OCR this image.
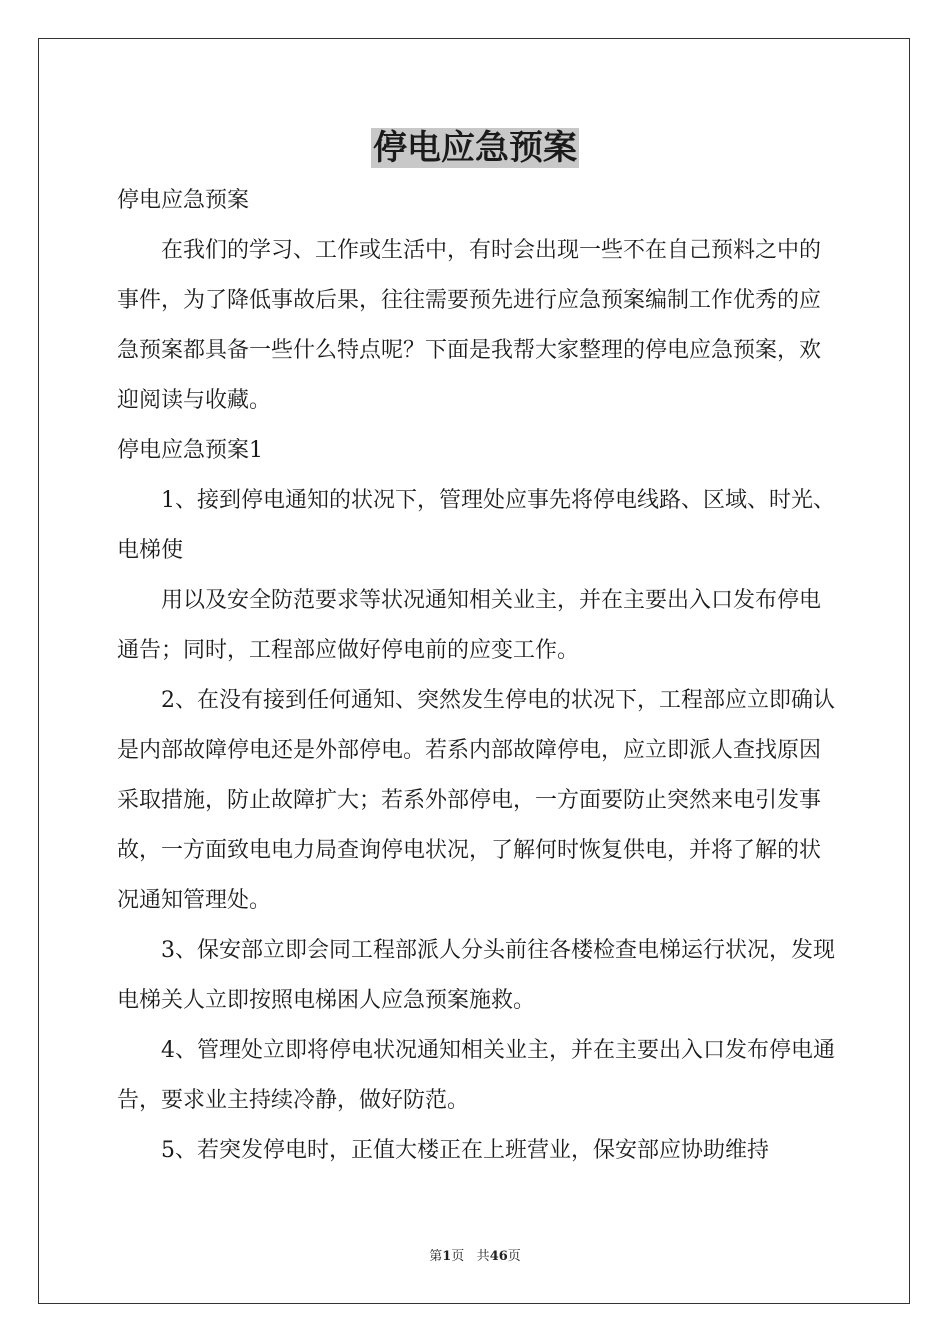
停电应急预案

停电应急预案

在我们的学习、工作或生活中，有时会出现一些不在自己预料之中的事件，为了降低事故后果，往往需要预先进行应急预案编制工作优秀的应急预案都具备一些什么特点呢？下面是我帮大家整理的停电应急预案，欢迎阅读与收藏。

停电应急预案1

1、接到停电通知的状况下，管理处应事先将停电线路、区域、时光、电梯使

用以及安全防范要求等状况通知相关业主，并在主要出入口发布停电通告；同时，工程部应做好停电前的应变工作。

2、在没有接到任何通知、突然发生停电的状况下，工程部应立即确认是内部故障停电还是外部停电。若系内部故障停电，应立即派人查找原因采取措施，防止故障扩大；若系外部停电，一方面要防止突然来电引发事故，一方面致电电力局查询停电状况，了解何时恢复供电，并将了解的状况通知管理处。

3、保安部立即会同工程部派人分头前往各楼检查电梯运行状况，发现电梯关人立即按照电梯困人应急预案施救。

4、管理处立即将停电状况通知相关业主，并在主要出入口发布停电通告，要求业主持续冷静，做好防范。

5、若突发停电时，正值大楼正在上班营业，保安部应协助维持

第1页 共46页
